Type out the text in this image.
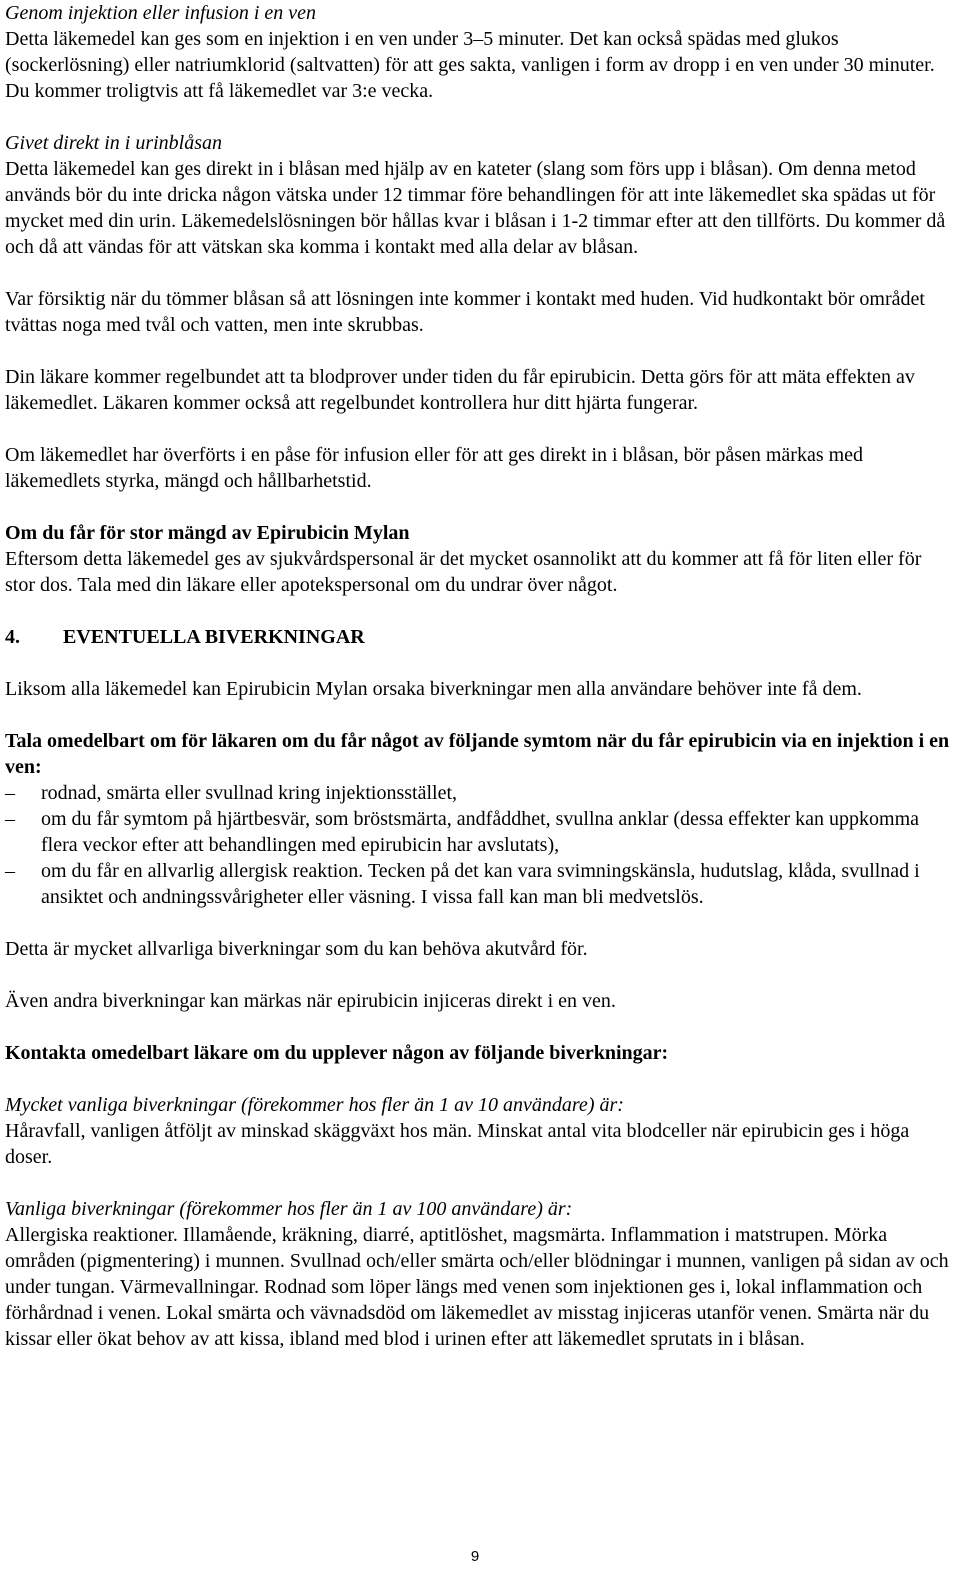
Genom injektion eller infusion i en ven

Detta läkemedel kan ges som en injektion i en ven under 3–5 minuter. Det kan också spädas med glukos (sockerlösning) eller natriumklorid (saltvatten) för att ges sakta, vanligen i form av dropp i en ven under 30 minuter. Du kommer troligtvis att få läkemedlet var 3:e vecka.

Givet direkt in i urinblåsan

Detta läkemedel kan ges direkt in i blåsan med hjälp av en kateter (slang som förs upp i blåsan). Om denna metod används bör du inte dricka någon vätska under 12 timmar före behandlingen för att inte läkemedlet ska spädas ut för mycket med din urin. Läkemedelslösningen bör hållas kvar i blåsan i 1-2 timmar efter att den tillförts. Du kommer då och då att vändas för att vätskan ska komma i kontakt med alla delar av blåsan.

Var försiktig när du tömmer blåsan så att lösningen inte kommer i kontakt med huden. Vid hudkontakt bör området tvättas noga med tvål och vatten, men inte skrubbas.

Din läkare kommer regelbundet att ta blodprover under tiden du får epirubicin. Detta görs för att mäta effekten av läkemedlet. Läkaren kommer också att regelbundet kontrollera hur ditt hjärta fungerar.

Om läkemedlet har överförts i en påse för infusion eller för att ges direkt in i blåsan, bör påsen märkas med läkemedlets styrka, mängd och hållbarhetstid.

Om du får för stor mängd av Epirubicin Mylan

Eftersom detta läkemedel ges av sjukvårdspersonal är det mycket osannolikt att du kommer att få för liten eller för stor dos. Tala med din läkare eller apotekspersonal om du undrar över något.

4.	EVENTUELLA BIVERKNINGAR

Liksom alla läkemedel kan Epirubicin Mylan orsaka biverkningar men alla användare behöver inte få dem.

Tala omedelbart om för läkaren om du får något av följande symtom när du får epirubicin via en injektion i en ven:

–	rodnad, smärta eller svullnad kring injektionsstället,
–	om du får symtom på hjärtbesvär, som bröstsmärta, andfåddhet, svullna anklar (dessa effekter kan uppkomma flera veckor efter att behandlingen med epirubicin har avslutats),
–	om du får en allvarlig allergisk reaktion. Tecken på det kan vara svimningskänsla, hudutslag, klåda, svullnad i ansiktet och andningssvårigheter eller väsning. I vissa fall kan man bli medvetslös.

Detta är mycket allvarliga biverkningar som du kan behöva akutvård för.

Även andra biverkningar kan märkas när epirubicin injiceras direkt i en ven.

Kontakta omedelbart läkare om du upplever någon av följande biverkningar:

Mycket vanliga biverkningar (förekommer hos fler än 1 av 10 användare) är:

Håravfall, vanligen åtföljt av minskad skäggväxt hos män. Minskat antal vita blodceller när epirubicin ges i höga doser.

Vanliga biverkningar (förekommer hos fler än 1 av 100 användare) är:

Allergiska reaktioner. Illamående, kräkning, diarré, aptitlöshet, magsmärta. Inflammation i matstrupen. Mörka områden (pigmentering) i munnen. Svullnad och/eller smärta och/eller blödningar i munnen, vanligen på sidan av och under tungan. Värmevallningar. Rodnad som löper längs med venen som injektionen ges i, lokal inflammation och förhårdnad i venen. Lokal smärta och vävnadsdöd om läkemedlet av misstag injiceras utanför venen. Smärta när du kissar eller ökat behov av att kissa, ibland med blod i urinen efter att läkemedlet sprutats in i blåsan.

9
